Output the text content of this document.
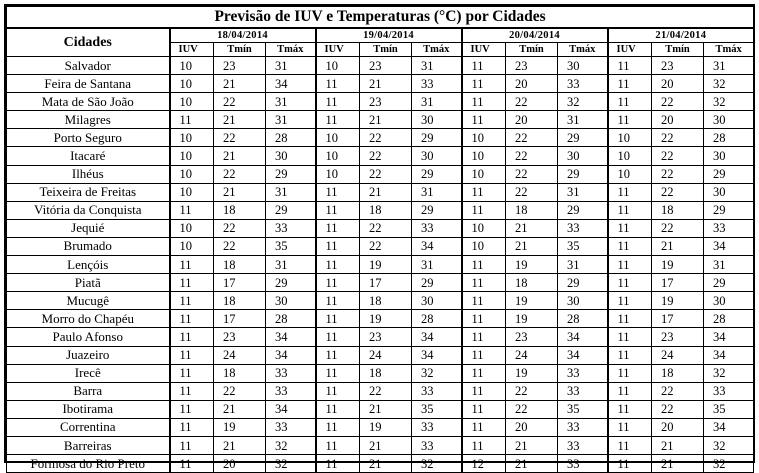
Previsão de IUV e Temperaturas (°C) por Cidades												
Cidades	18/04/2014			19/04/2014			20/04/2014			21/04/2014		
	IUV	Tmín	Tmáx	IUV	Tmín	Tmáx	IUV	Tmín	Tmáx	IUV	Tmín	Tmáx
Salvador	10	23	31	10	23	31	11	23	30	11	23	31
Feira de Santana	10	21	34	11	21	33	11	20	33	11	20	32
Mata de São João	10	22	31	11	23	31	11	22	32	11	22	32
Milagres	11	21	31	11	21	30	11	20	31	11	20	30
Porto Seguro	10	22	28	10	22	29	10	22	29	10	22	28
Itacaré	10	21	30	10	22	30	10	22	30	10	22	30
Ilhéus	10	22	29	10	22	29	10	22	29	10	22	29
Teixeira de Freitas	10	21	31	11	21	31	11	22	31	11	22	30
Vitória da Conquista	11	18	29	11	18	29	11	18	29	11	18	29
Jequié	10	22	33	11	22	33	10	21	33	11	22	33
Brumado	10	22	35	11	22	34	10	21	35	11	21	34
Lençóis	11	18	31	11	19	31	11	19	31	11	19	31
Piatã	11	17	29	11	17	29	11	18	29	11	17	29
Mucugê	11	18	30	11	18	30	11	19	30	11	19	30
Morro do Chapéu	11	17	28	11	19	28	11	19	28	11	17	28
Paulo Afonso	11	23	34	11	23	34	11	23	34	11	23	34
Juazeiro	11	24	34	11	24	34	11	24	34	11	24	34
Irecê	11	18	33	11	18	32	11	19	33	11	18	32
Barra	11	22	33	11	22	33	11	22	33	11	22	33
Ibotirama	11	21	34	11	21	35	11	22	35	11	22	35
Correntina	11	19	33	11	19	33	11	20	33	11	20	34
Barreiras	11	21	32	11	21	33	11	21	33	11	21	32
Formosa do Rio Preto	11	20	32	11	21	32	12	21	33	11	21	32
